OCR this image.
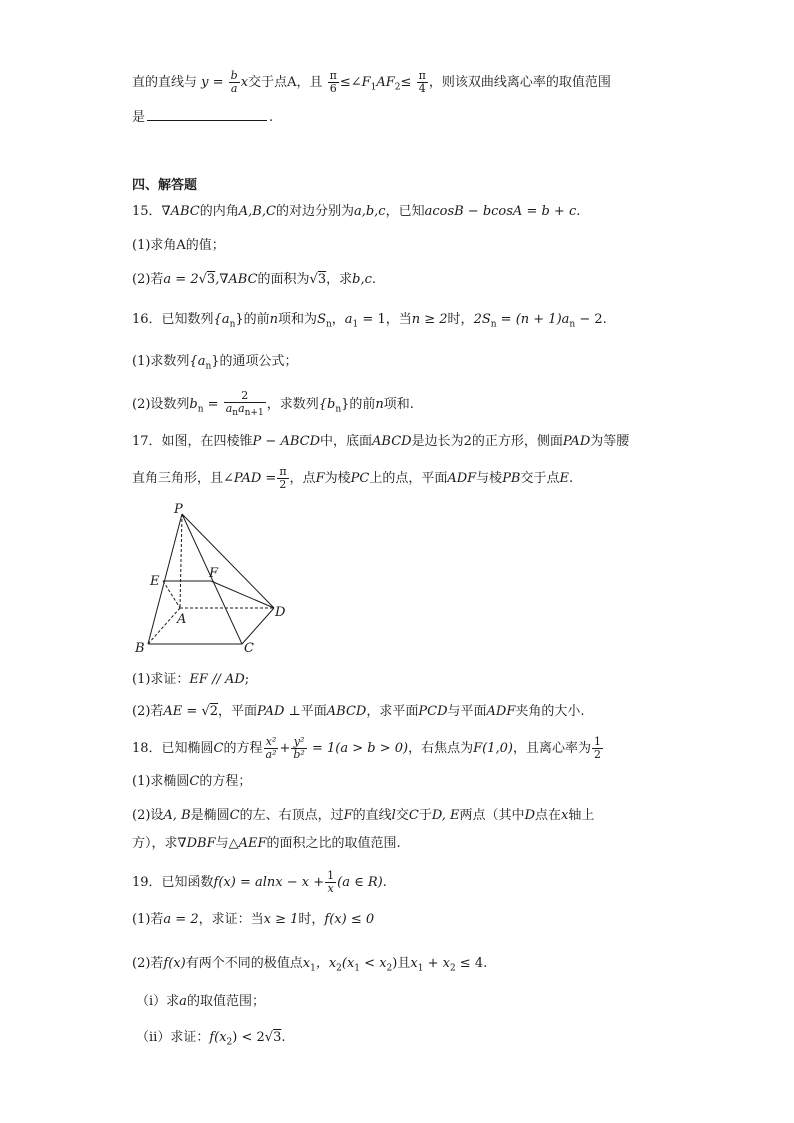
直的直线与 $y = \frac{b}{a}$ x交于点A，且 $\frac{\pi}{6}$ $\le\angle F_1AF_2\le \frac{\pi}{4}$ ，则该双曲线离心率的取值范围
是	.
四、解答题
15．∇ABC的内角A,B,C的对边分别为a,b,c，已知acosB − bcosA = b + c.
(1)求角A的值；
(2)若a = 2√3,∇ABC的面积为√3，求b,c.
16．已知数列$\{a_n\}$的前n项和为$S_n$，$a_1 = 1$，当n ≥ 2时，$2S_n = (n + 1)a_n - 2$.
(1)求数列$\{a_n\}$的通项公式；
(2)设数列$b_n = \frac{2}{a_na_{n+1}}$ ，求数列$\{b_n\}$的前n项和.
17．如图，在四棱锥P − ABCD中，底面ABCD是边长为2的正方形，侧面PAD为等腰
直角三角形，且∠PAD = $\frac{\pi}{2}$ ，点F为棱PC上的点，平面ADF与棱PB交于点E.
P
E
F
A
B	C
D
(1)求证：EF // AD;
(2)若AE = √2，平面PAD ⊥平面ABCD，求平面PCD与平面ADF夹角的大小.
18．已知椭圆C的方程 $\frac{\text{x²}}{\text{a²}} + \frac{\text{y²}}{\text{b²}} = 1(a > b > 0)$，右焦点为F(1,0)，且离心率为 $\frac{1}{2}$
(1)求椭圆C的方程；
(2)设A, B是椭圆C的左、右顶点，过F的直线l交C于D, E两点（其中D点在x轴上
方），求∇DBF与△AEF的面积之比的取值范围.
19．已知函数$f(x) = alnx - x + \frac{1}{x} (a$ ∈ R).
(1)若a = 2，求证：当x ≥ 1时，f(x) ≤ 0
(2)若f(x)有两个不同的极值点$x_1$，$x_2(x_1 < x_2)$且$x_1 + x_2 \le 4$.
（i）求a的取值范围；
（ii）求证：$f(x_2) < 2√3$.
